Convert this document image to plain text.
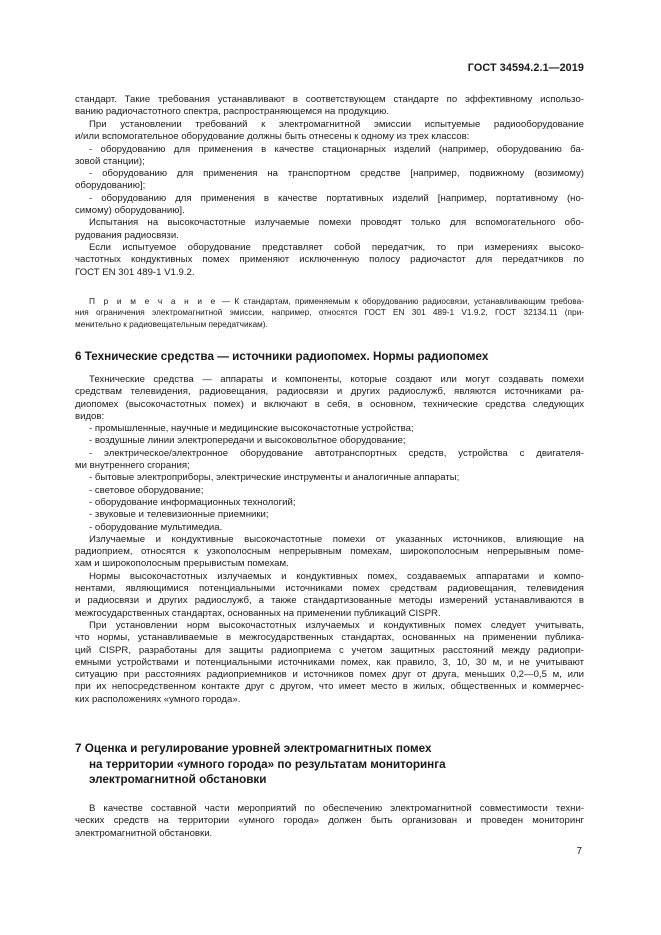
ГОСТ 34594.2.1—2019
стандарт. Такие требования устанавливают в соответствующем стандарте по эффективному использо-
ванию радиочастотного спектра, распространяющемся на продукцию.
При установлении требований к электромагнитной эмиссии испытуемые радиооборудование
и/или вспомогательное оборудование должны быть отнесены к одному из трех классов:
- оборудованию для применения в качестве стационарных изделий (например, оборудованию ба-
зовой станции);
- оборудованию для применения на транспортном средстве [например, подвижному (возимому)
оборудованию];
- оборудованию для применения в качестве портативных изделий [например, портативному (но-
симому) оборудованию].
Испытания на высокочастотные излучаемые помехи проводят только для вспомогательного обо-
рудования радиосвязи.
Если испытуемое оборудование представляет собой передатчик, то при измерениях высоко-
частотных кондуктивных помех применяют исключенную полосу радиочастот для передатчиков по
ГОСТ EN 301 489-1 V1.9.2.
П р и м е ч а н и е — К стандартам, применяемым к оборудованию радиосвязи, устанавливающим требова-
ния ограничения электромагнитной эмиссии, например, относятся ГОСТ EN 301 489-1 V1.9.2, ГОСТ 32134.11 (при-
менительно к радиовещательным передатчикам).
6 Технические средства — источники радиопомех. Нормы радиопомех
Технические средства — аппараты и компоненты, которые создают или могут создавать помехи
средствам телевидения, радиовещания, радиосвязи и других радиослужб, являются источниками ра-
диопомех (высокочастотных помех) и включают в себя, в основном, технические средства следующих
видов:
- промышленные, научные и медицинские высокочастотные устройства;
- воздушные линии электропередачи и высоковольтное оборудование;
- электрическое/электронное оборудование автотранспортных средств, устройства с двигателя-
ми внутреннего сгорания;
- бытовые электроприборы, электрические инструменты и аналогичные аппараты;
- световое оборудование;
- оборудование информационных технологий;
- звуковые и телевизионные приемники;
- оборудование мультимедиа.
Излучаемые и кондуктивные высокочастотные помехи от указанных источников, влияющие на
радиоприем, относятся к узкополосным непрерывным помехам, широкополосным непрерывным поме-
хам и широкополосным прерывистым помехам.
Нормы высокочастотных излучаемых и кондуктивных помех, создаваемых аппаратами и компо-
нентами, являющимися потенциальными источниками помех средствам радиовещания, телевидения
и радиосвязи и других радиослужб, а также стандартизованные методы измерений устанавливаются в
межгосударственных стандартах, основанных на применении публикаций CISPR.
При установлении норм высокочастотных излучаемых и кондуктивных помех следует учитывать,
что нормы, устанавливаемые в межгосударственных стандартах, основанных на применении публика-
ций CISPR, разработаны для защиты радиоприема с учетом защитных расстояний между радиопри-
емными устройствами и потенциальными источниками помех, как правило, 3, 10, 30 м, и не учитывают
ситуацию при расстояниях радиоприемников и источников помех друг от друга, меньших 0,2—0,5 м, или
при их непосредственном контакте друг с другом, что имеет место в жилых, общественных и коммерчес-
ких расположениях «умного города».
7 Оценка и регулирование уровней электромагнитных помех
на территории «умного города» по результатам мониторинга
электромагнитной обстановки
В качестве составной части мероприятий по обеспечению электромагнитной совместимости техни-
ческих средств на территории «умного города» должен быть организован и проведен мониторинг
электромагнитной обстановки.
7
